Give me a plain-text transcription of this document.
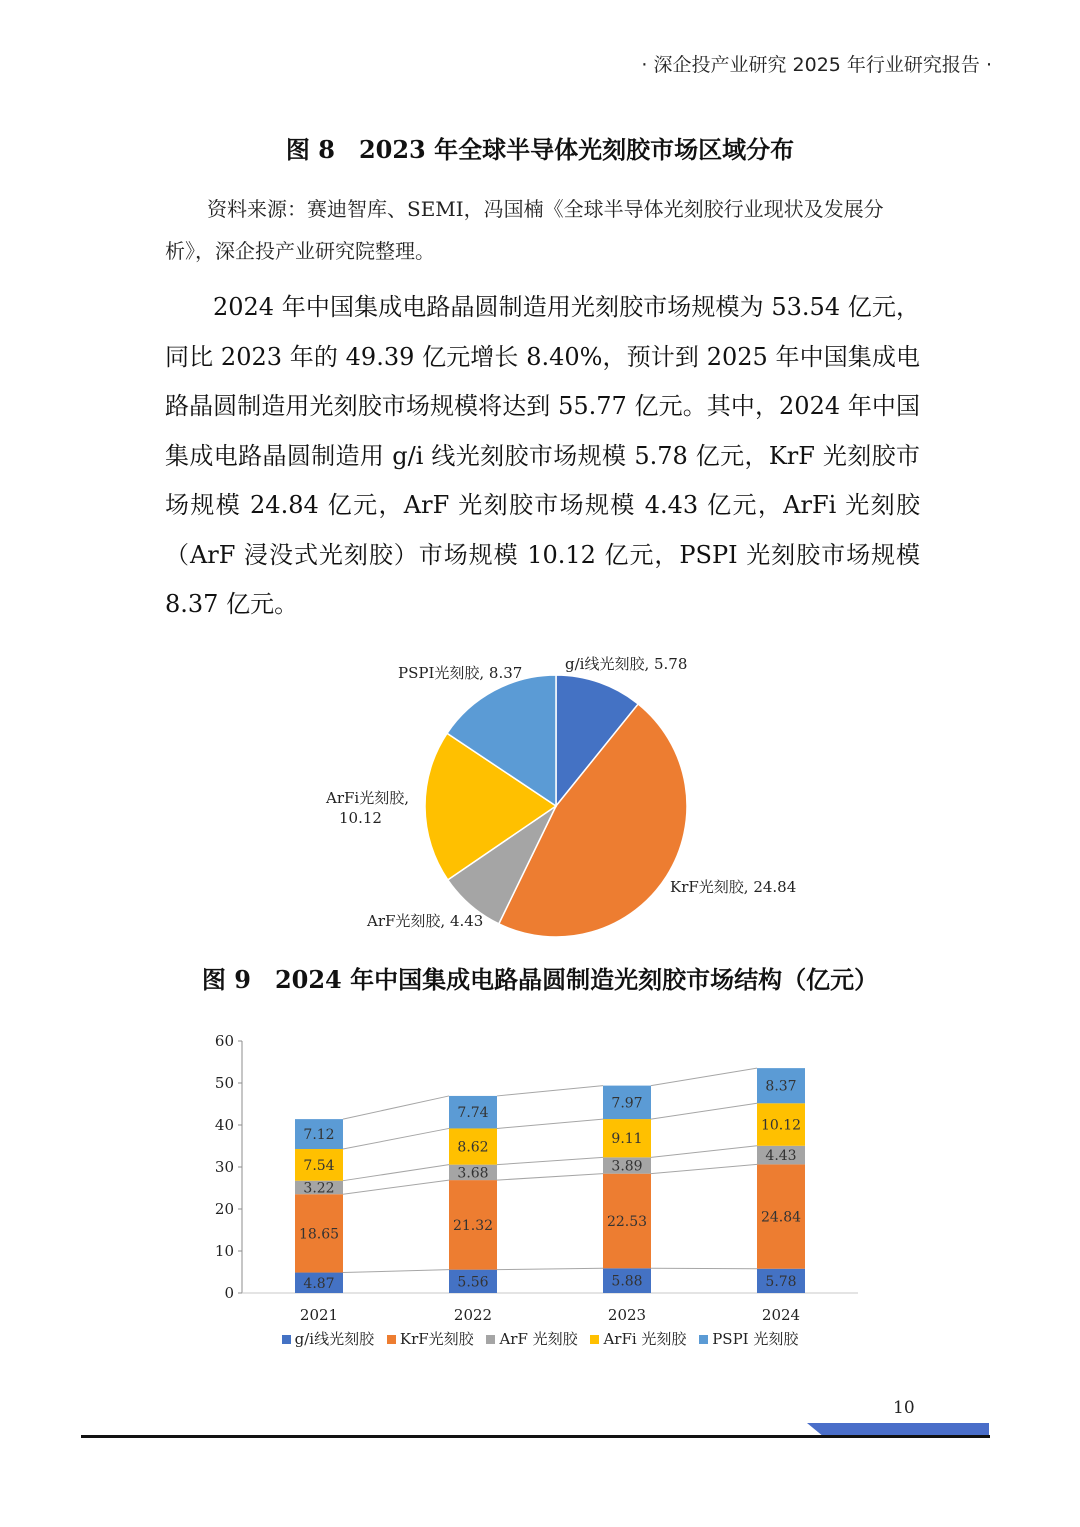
· 深企投产业研究 2025 年行业研究报告 ·
图 8　2023 年全球半导体光刻胶市场区域分布
资料来源：赛迪智库、SEMI，冯国楠《全球半导体光刻胶行业现状及发展分析》，深企投产业研究院整理。
2024 年中国集成电路晶圆制造用光刻胶市场规模为 53.54 亿元，同比 2023 年的 49.39 亿元增长 8.40%，预计到 2025 年中国集成电路晶圆制造用光刻胶市场规模将达到 55.77 亿元。其中，2024 年中国集成电路晶圆制造用 g/i 线光刻胶市场规模 5.78 亿元，KrF 光刻胶市场规模 24.84 亿元，ArF 光刻胶市场规模 4.43 亿元，ArFi 光刻胶（ArF 浸没式光刻胶）市场规模 10.12 亿元，PSPI 光刻胶市场规模 8.37 亿元。
g/i线光刻胶, 5.78
PSPI光刻胶, 8.37
ArFi光刻胶,
10.12
KrF光刻胶, 24.84
ArF光刻胶, 4.43
图 9　2024 年中国集成电路晶圆制造光刻胶市场结构（亿元）
0
10
20
30
40
50
60
4.87	5.56	5.88	5.78
18.65
21.32	22.53	24.84
3.22
3.68	3.89
4.43
7.54
8.62
9.11
10.12
7.12
7.74
7.97
8.37
2021	2022	2023	2024
g/i线光刻胶 KrF光刻胶 ArF 光刻胶 ArFi 光刻胶 PSPI 光刻胶
10
